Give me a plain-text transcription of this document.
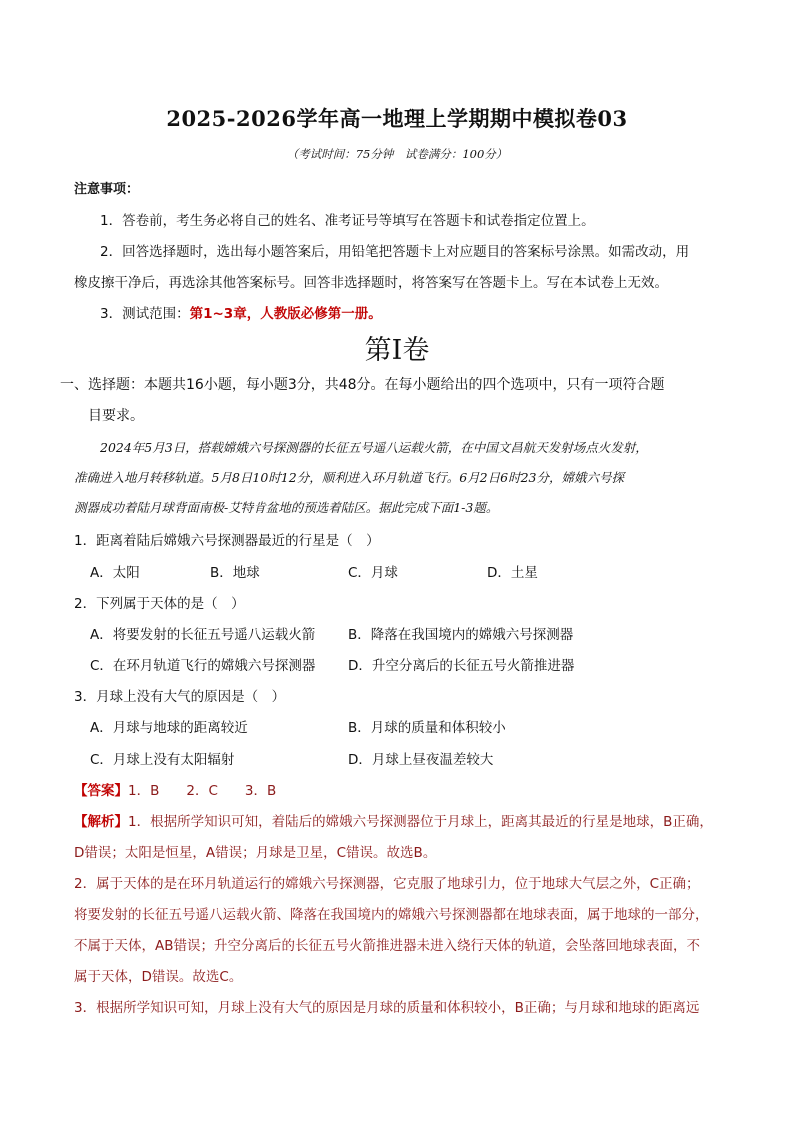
2025-2026学年高一地理上学期期中模拟卷03
（考试时间：75分钟　试卷满分：100分）
注意事项：
1．答卷前，考生务必将自己的姓名、准考证号等填写在答题卡和试卷指定位置上。
2．回答选择题时，选出每小题答案后，用铅笔把答题卡上对应题目的答案标号涂黑。如需改动，用
橡皮擦干净后，再选涂其他答案标号。回答非选择题时，将答案写在答题卡上。写在本试卷上无效。
3．测试范围：第1~3章，人教版必修第一册。
第Ⅰ卷
一、选择题：本题共16小题，每小题3分，共48分。在每小题给出的四个选项中，只有一项符合题
目要求。
2024年5月3日，搭载嫦娥六号探测器的长征五号遥八运载火箭，在中国文昌航天发射场点火发射，
准确进入地月转移轨道。5月8日10时12分，顺利进入环月轨道飞行。6月2日6时23分，嫦娥六号探
测器成功着陆月球背面南极-艾特肯盆地的预选着陆区。据此完成下面1-3题。
1．距离着陆后嫦娥六号探测器最近的行星是（　）
A．太阳	B．地球	C．月球	D．土星
2．下列属于天体的是（　）
A．将要发射的长征五号遥八运载火箭 B．降落在我国境内的嫦娥六号探测器
C．在环月轨道飞行的嫦娥六号探测器 D．升空分离后的长征五号火箭推进器
3．月球上没有大气的原因是（　）
A．月球与地球的距离较近	B．月球的质量和体积较小
C．月球上没有太阳辐射	D．月球上昼夜温差较大
【答案】1．B　　2．C　　3．B
【解析】1．根据所学知识可知，着陆后的嫦娥六号探测器位于月球上，距离其最近的行星是地球，B正确，
D错误；太阳是恒星，A错误；月球是卫星，C错误。故选B。
2．属于天体的是在环月轨道运行的嫦娥六号探测器，它克服了地球引力，位于地球大气层之外，C正确；
将要发射的长征五号遥八运载火箭、降落在我国境内的嫦娥六号探测器都在地球表面，属于地球的一部分，
不属于天体，AB错误；升空分离后的长征五号火箭推进器未进入绕行天体的轨道，会坠落回地球表面，不
属于天体，D错误。故选C。
3．根据所学知识可知，月球上没有大气的原因是月球的质量和体积较小，B正确；与月球和地球的距离远
